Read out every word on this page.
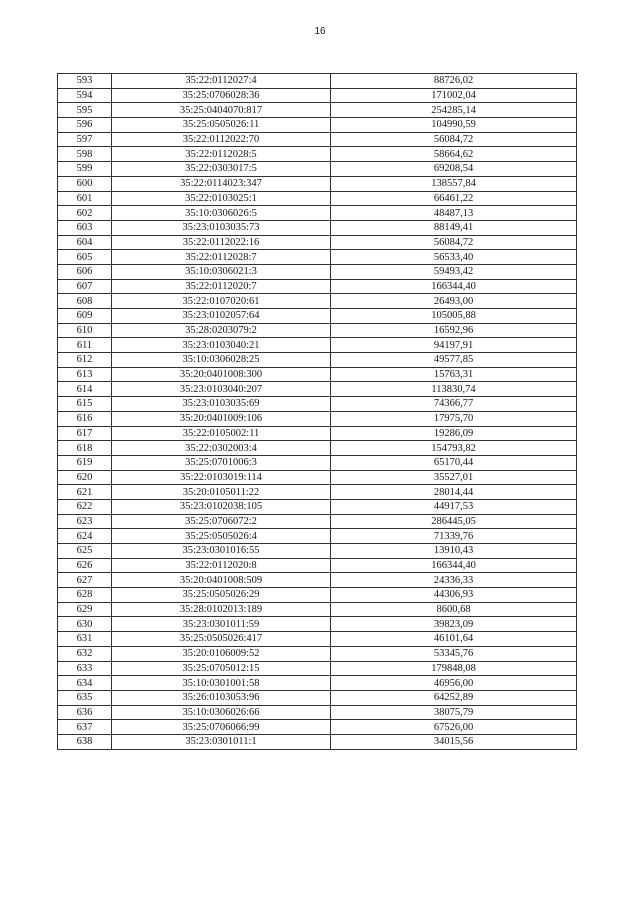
16
593	35:22:0112027:4	88726,02
594	35:25:0706028:36	171002,04
595	35:25:0404070:817	254285,14
596	35:25:0505026:11	104990,59
597	35:22:0112022:70	56084,72
598	35:22:0112028:5	58664,62
599	35:22:0303017:5	69208,54
600	35:22:0114023:347	138557,84
601	35:22:0103025:1	66461,22
602	35:10:0306026:5	48487,13
603	35:23:0103035:73	88149,41
604	35:22:0112022:16	56084,72
605	35:22:0112028:7	56533,40
606	35:10:0306021:3	59493,42
607	35:22:0112020:7	166344,40
608	35:22:0107020:61	26493,00
609	35:23:0102057:64	105005,88
610	35:28:0203079:2	16592,96
611	35:23:0103040:21	94197,91
612	35:10:0306028:25	49577,85
613	35:20:0401008:300	15763,31
614	35:23:0103040:207	113830,74
615	35:23:0103035:69	74366,77
616	35:20:0401009:106	17975,70
617	35:22:0105002:11	19286,09
618	35:22:0302003:4	154793,82
619	35:25:0701006:3	65170,44
620	35:22:0103019:114	35527,01
621	35:20:0105011:22	28014,44
622	35:23:0102038:105	44917,53
623	35:25:0706072:2	286445,05
624	35:25:0505026:4	71339,76
625	35:23:0301016:55	13910,43
626	35:22:0112020:8	166344,40
627	35:20:0401008:509	24336,33
628	35:25:0505026:29	44306,93
629	35:28:0102013:189	8600,68
630	35:23:0301011:59	39823,09
631	35:25:0505026:417	46101,64
632	35:20:0106009:52	53345,76
633	35:25:0705012:15	179848,08
634	35:10:0301001:58	46956,00
635	35:26:0103053:96	64252,89
636	35:10:0306026:66	38075,79
637	35:25:0706066:99	67526,00
638	35:23:0301011:1	34015,56
